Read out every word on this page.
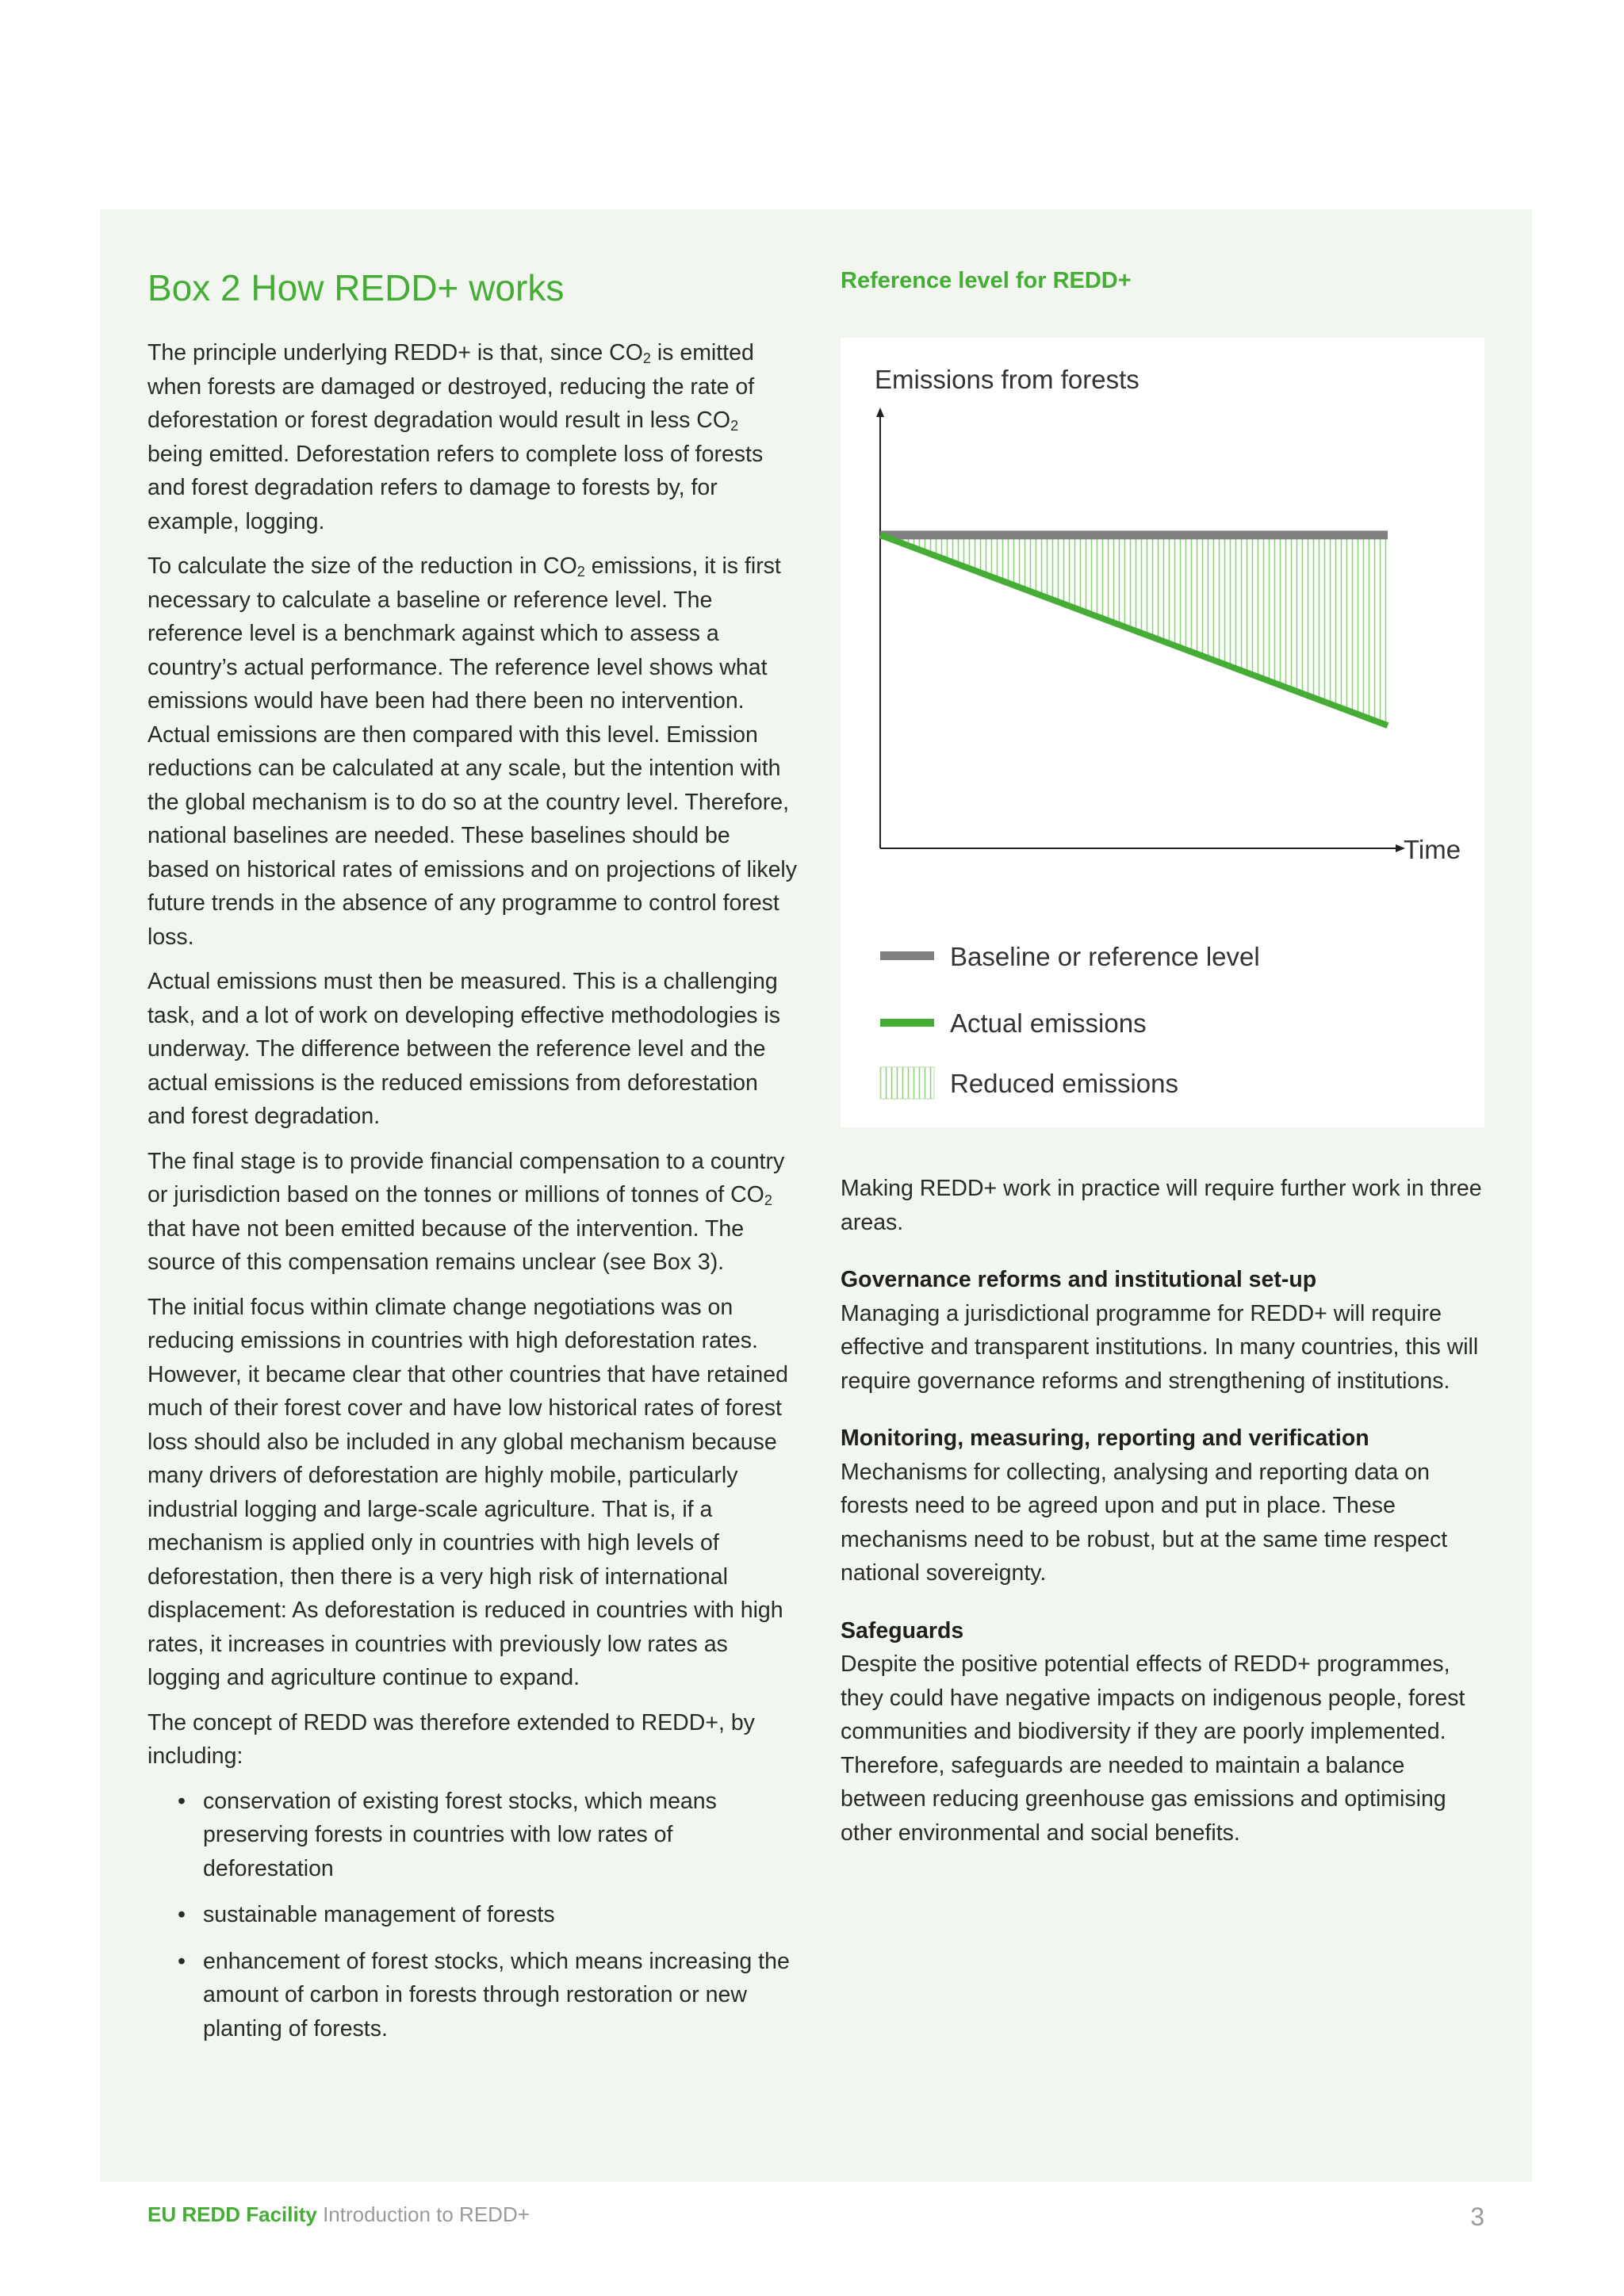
Box 2 How REDD+ works

The principle underlying REDD+ is that, since $CO_2$ is emitted when forests are damaged or destroyed, reducing the rate of deforestation or forest degradation would result in less $CO_2$ being emitted. Deforestation refers to complete loss of forests and forest degradation refers to damage to forests by, for example, logging.

To calculate the size of the reduction in $CO_2$ emissions, it is first necessary to calculate a baseline or reference level. The reference level is a benchmark against which to assess a country’s actual performance. The reference level shows what emissions would have been had there been no intervention. Actual emissions are then compared with this level. Emission reductions can be calculated at any scale, but the intention with the global mechanism is to do so at the country level. Therefore, national baselines are needed. These baselines should be based on historical rates of emissions and on projections of likely future trends in the absence of any programme to control forest loss.

Actual emissions must then be measured. This is a challenging task, and a lot of work on developing effective methodologies is underway. The difference between the reference level and the actual emissions is the reduced emissions from deforestation and forest degradation.

The final stage is to provide financial compensation to a country or jurisdiction based on the tonnes or millions of tonnes of $CO_2$ that have not been emitted because of the intervention. The source of this compensation remains unclear (see Box 3).

The initial focus within climate change negotiations was on reducing emissions in countries with high deforestation rates. However, it became clear that other countries that have retained much of their forest cover and have low historical rates of forest loss should also be included in any global mechanism because many drivers of deforestation are highly mobile, particularly industrial logging and large-scale agriculture. That is, if a mechanism is applied only in countries with high levels of deforestation, then there is a very high risk of international displacement: As deforestation is reduced in countries with high rates, it increases in countries with previously low rates as logging and agriculture continue to expand.

The concept of REDD was therefore extended to REDD+, by including:

• conservation of existing forest stocks, which means preserving forests in countries with low rates of deforestation
• sustainable management of forests
• enhancement of forest stocks, which means increasing the amount of carbon in forests through restoration or new planting of forests.
Reference level for REDD+
Emissions from forests
Time
Baseline or reference level
Actual emissions
Reduced emissions

Making REDD+ work in practice will require further work in three areas.

Governance reforms and institutional set-up

Managing a jurisdictional programme for REDD+ will require effective and transparent institutions. In many countries, this will require governance reforms and strengthening of institutions.

Monitoring, measuring, reporting and verification

Mechanisms for collecting, analysing and reporting data on forests need to be agreed upon and put in place. These mechanisms need to be robust, but at the same time respect national sovereignty.

Safeguards

Despite the positive potential effects of REDD+ programmes, they could have negative impacts on indigenous people, forest communities and biodiversity if they are poorly implemented. Therefore, safeguards are needed to maintain a balance between reducing greenhouse gas emissions and optimising other environmental and social benefits.

EU REDD Facility Introduction to REDD+	3
